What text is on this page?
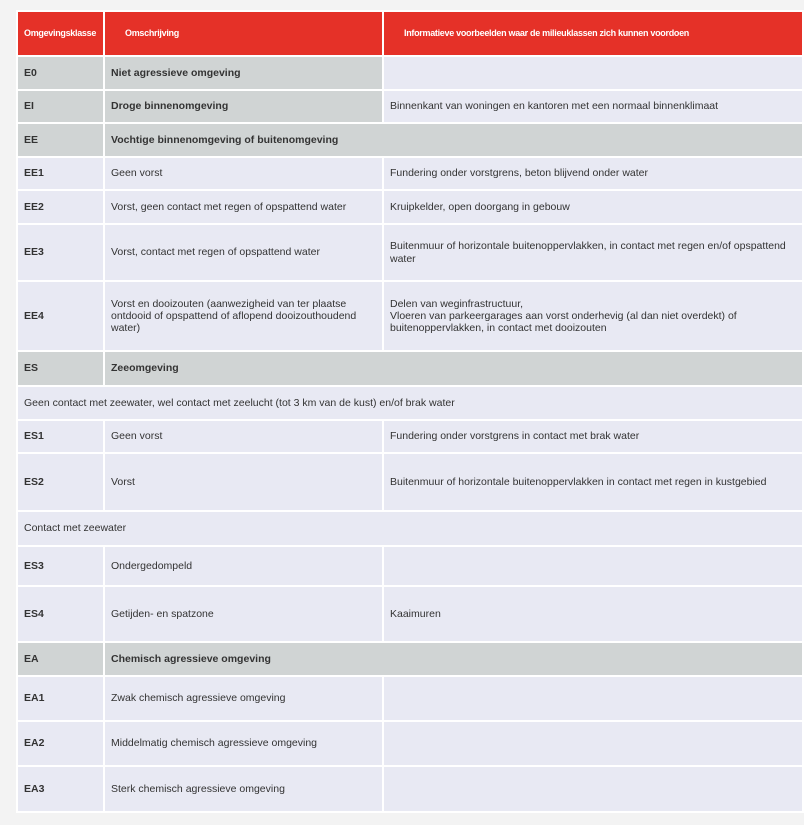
Omgevingsklasse	Omschrijving	Informatieve voorbeelden waar de milieuklassen zich kunnen voordoen
E0	Niet agressieve omgeving	
EI	Droge binnenomgeving	Binnenkant van woningen en kantoren met een normaal binnenklimaat
EE	Vochtige binnenomgeving of buitenomgeving	
EE1	Geen vorst	Fundering onder vorstgrens, beton blijvend onder water
EE2	Vorst, geen contact met regen of opspattend water	Kruipkelder, open doorgang in gebouw
EE3	Vorst, contact met regen of opspattend water	Buitenmuur of horizontale buitenoppervlakken, in contact met regen en/of opspattend water
EE4	Vorst en dooizouten (aanwezigheid van ter plaatse ontdooid of opspattend of aflopend dooizouthoudend water)	Delen van weginfrastructuur,
Vloeren van parkeergarages aan vorst onderhevig (al dan niet overdekt) of buitenoppervlakken, in contact met dooizouten

ES	Zeeomgeving	
Geen contact met zeewater, wel contact met zeelucht (tot 3 km van de kust) en/of brak water		
ES1	Geen vorst	Fundering onder vorstgrens in contact met brak water
ES2	Vorst	Buitenmuur of horizontale buitenoppervlakken in contact met regen in kustgebied
Contact met zeewater		
ES3	Ondergedompeld	
ES4	Getijden- en spatzone	Kaaimuren
EA	Chemisch agressieve omgeving	
EA1	Zwak chemisch agressieve omgeving	
EA2	Middelmatig chemisch agressieve omgeving	
EA3	Sterk chemisch agressieve omgeving	
